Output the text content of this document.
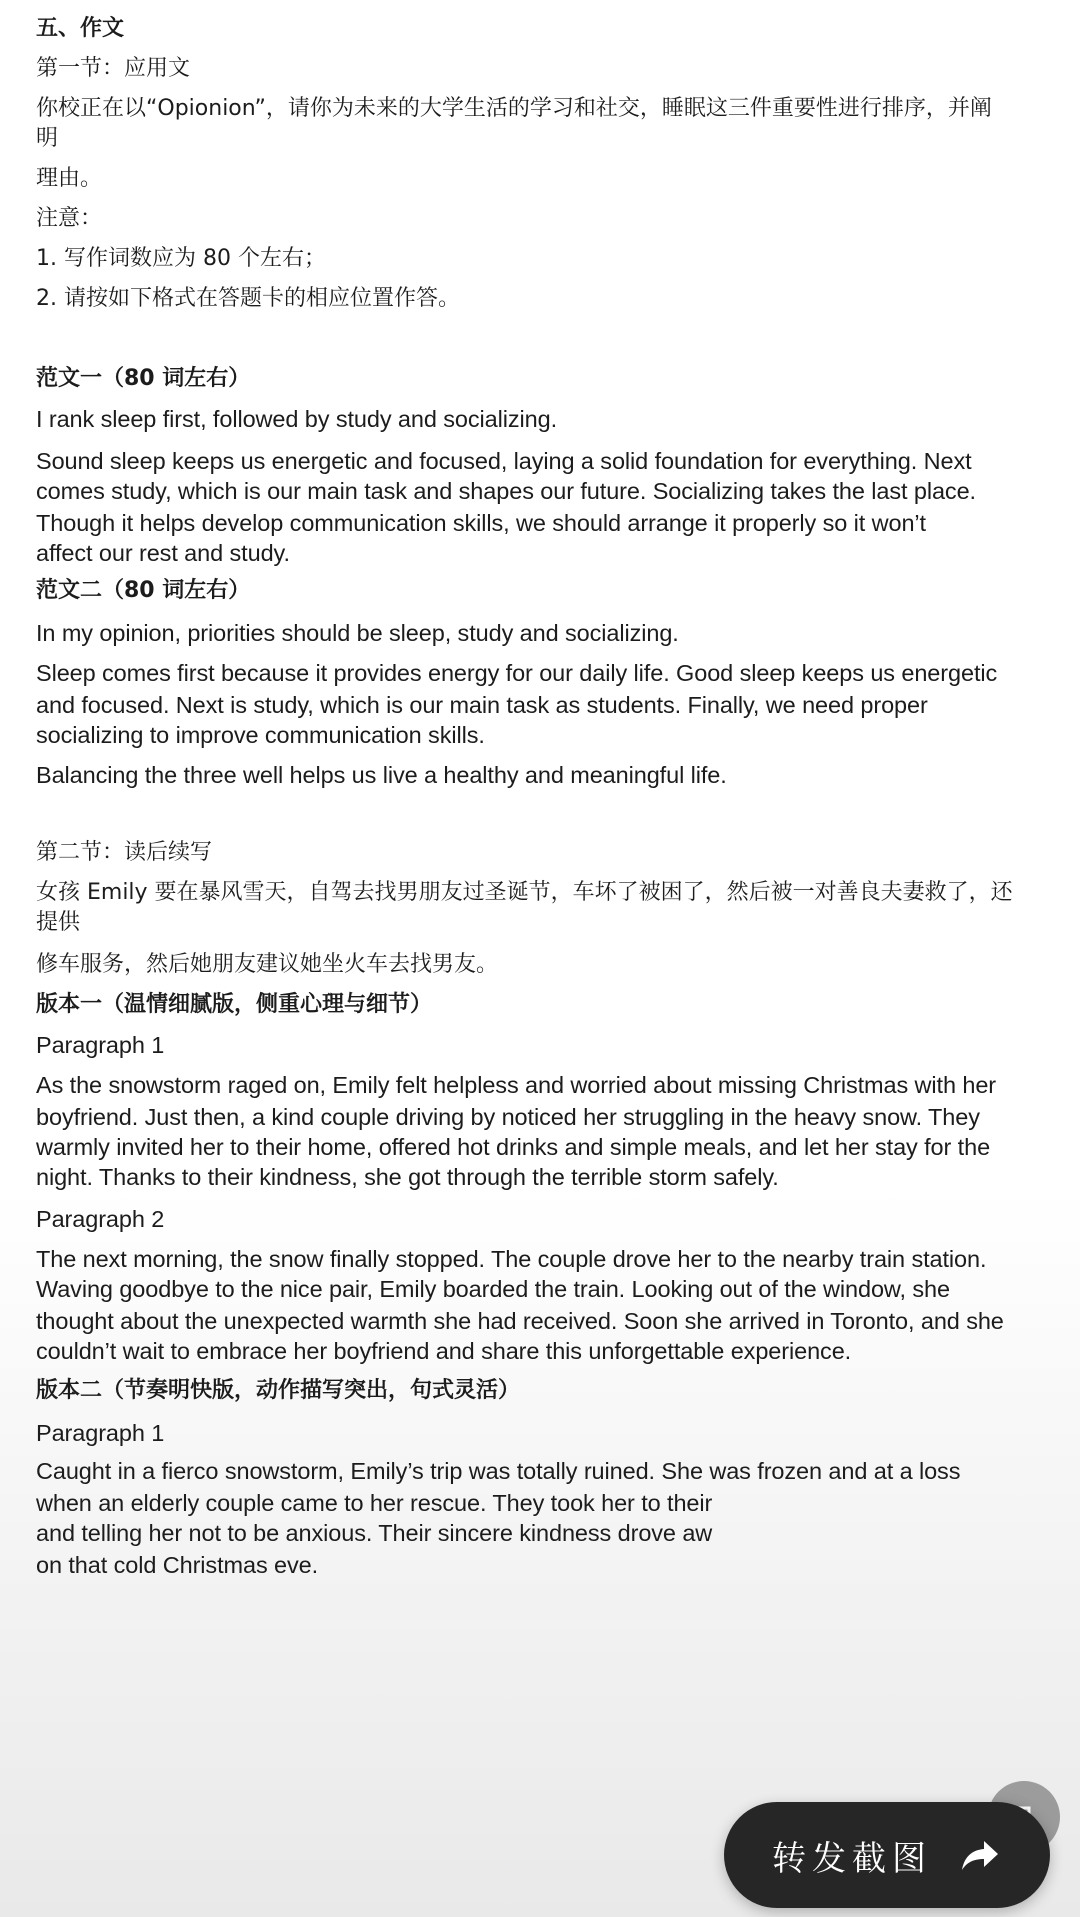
五、作文
第一节：应用文
你校正在以“Opionion”，请你为未来的大学生活的学习和社交，睡眠这三件重要性进行排序，并阐
明
理由。
注意：
1. 写作词数应为 80 个左右；
2. 请按如下格式在答题卡的相应位置作答。
范文一（80 词左右）
I rank sleep first, followed by study and socializing.
Sound sleep keeps us energetic and focused, laying a solid foundation for everything. Next
comes study, which is our main task and shapes our future. Socializing takes the last place.
Though it helps develop communication skills, we should arrange it properly so it won’t
affect our rest and study.
范文二（80 词左右）
In my opinion, priorities should be sleep, study and socializing.
Sleep comes first because it provides energy for our daily life. Good sleep keeps us energetic
and focused. Next is study, which is our main task as students. Finally, we need proper
socializing to improve communication skills.
Balancing the three well helps us live a healthy and meaningful life.
第二节：读后续写
女孩 Emily 要在暴风雪天，自驾去找男朋友过圣诞节，车坏了被困了，然后被一对善良夫妻救了，还
提供
修车服务，然后她朋友建议她坐火车去找男友。
版本一（温情细腻版，侧重心理与细节）
Paragraph 1
As the snowstorm raged on, Emily felt helpless and worried about missing Christmas with her
boyfriend. Just then, a kind couple driving by noticed her struggling in the heavy snow. They
warmly invited her to their home, offered hot drinks and simple meals, and let her stay for the
night. Thanks to their kindness, she got through the terrible storm safely.
Paragraph 2
The next morning, the snow finally stopped. The couple drove her to the nearby train station.
Waving goodbye to the nice pair, Emily boarded the train. Looking out of the window, she
thought about the unexpected warmth she had received. Soon she arrived in Toronto, and she
couldn’t wait to embrace her boyfriend and share this unforgettable experience.
版本二（节奏明快版，动作描写突出，句式灵活）
Paragraph 1
Caught in a fierco snowstorm, Emily’s trip was totally ruined. She was frozen and at a loss
when an elderly couple came to her rescue. They took her to their
and telling her not to be anxious. Their sincere kindness drove aw
on that cold Christmas eve.
转发截图
